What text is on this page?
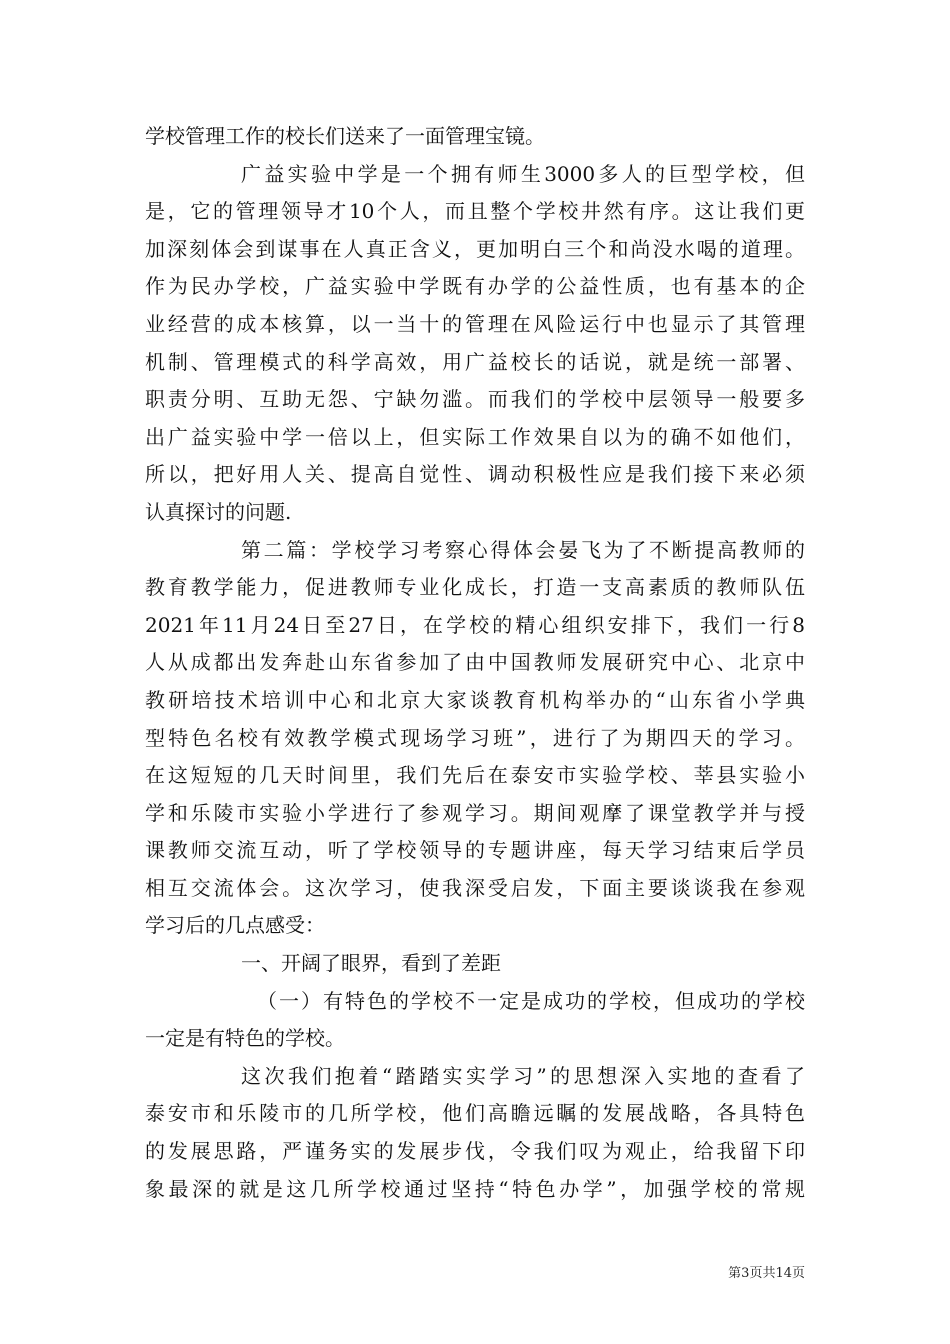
学校管理工作的校长们送来了一面管理宝镜。
广益实验中学是一个拥有师生3000多人的巨型学校，但
是，它的管理领导才10个人，而且整个学校井然有序。这让我们更
加深刻体会到谋事在人真正含义，更加明白三个和尚没水喝的道理。
作为民办学校，广益实验中学既有办学的公益性质，也有基本的企
业经营的成本核算，以一当十的管理在风险运行中也显示了其管理
机制、管理模式的科学高效，用广益校长的话说，就是统一部署、
职责分明、互助无怨、宁缺勿滥。而我们的学校中层领导一般要多
出广益实验中学一倍以上，但实际工作效果自以为的确不如他们，
所以，把好用人关、提高自觉性、调动积极性应是我们接下来必须
认真探讨的问题.
第二篇：学校学习考察心得体会晏飞为了不断提高教师的
教育教学能力，促进教师专业化成长，打造一支高素质的教师队伍
2021年11月24日至27日，在学校的精心组织安排下，我们一行8
人从成都出发奔赴山东省参加了由中国教师发展研究中心、北京中
教研培技术培训中心和北京大家谈教育机构举办的“山东省小学典
型特色名校有效教学模式现场学习班”，进行了为期四天的学习。
在这短短的几天时间里，我们先后在泰安市实验学校、莘县实验小
学和乐陵市实验小学进行了参观学习。期间观摩了课堂教学并与授
课教师交流互动，听了学校领导的专题讲座，每天学习结束后学员
相互交流体会。这次学习，使我深受启发，下面主要谈谈我在参观
学习后的几点感受：
一、开阔了眼界，看到了差距
（一）有特色的学校不一定是成功的学校，但成功的学校
一定是有特色的学校。
这次我们抱着“踏踏实实学习”的思想深入实地的查看了
泰安市和乐陵市的几所学校，他们高瞻远瞩的发展战略，各具特色
的发展思路，严谨务实的发展步伐，令我们叹为观止，给我留下印
象最深的就是这几所学校通过坚持“特色办学”，加强学校的常规
第3页共14页
